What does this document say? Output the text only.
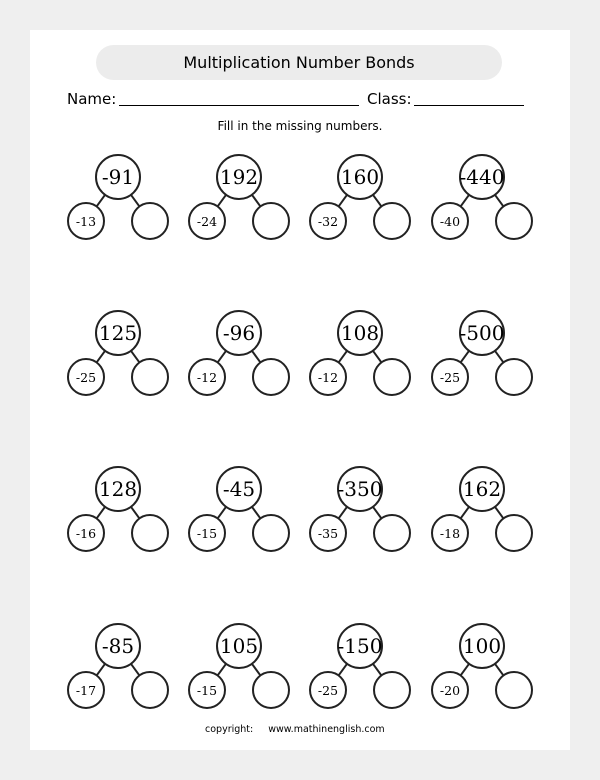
Multiplication Number Bonds
Name:	Class:
Fill in the missing numbers.
-91
-13
192
-24
160
-32
-440
-40
125
-25
-96
-12
108
-12
-500
-25
128
-16
-45
-15
-350
-35
162
-18
-85
-17
105
-15
-150
-25
100
-20
copyright: www.mathinenglish.com
